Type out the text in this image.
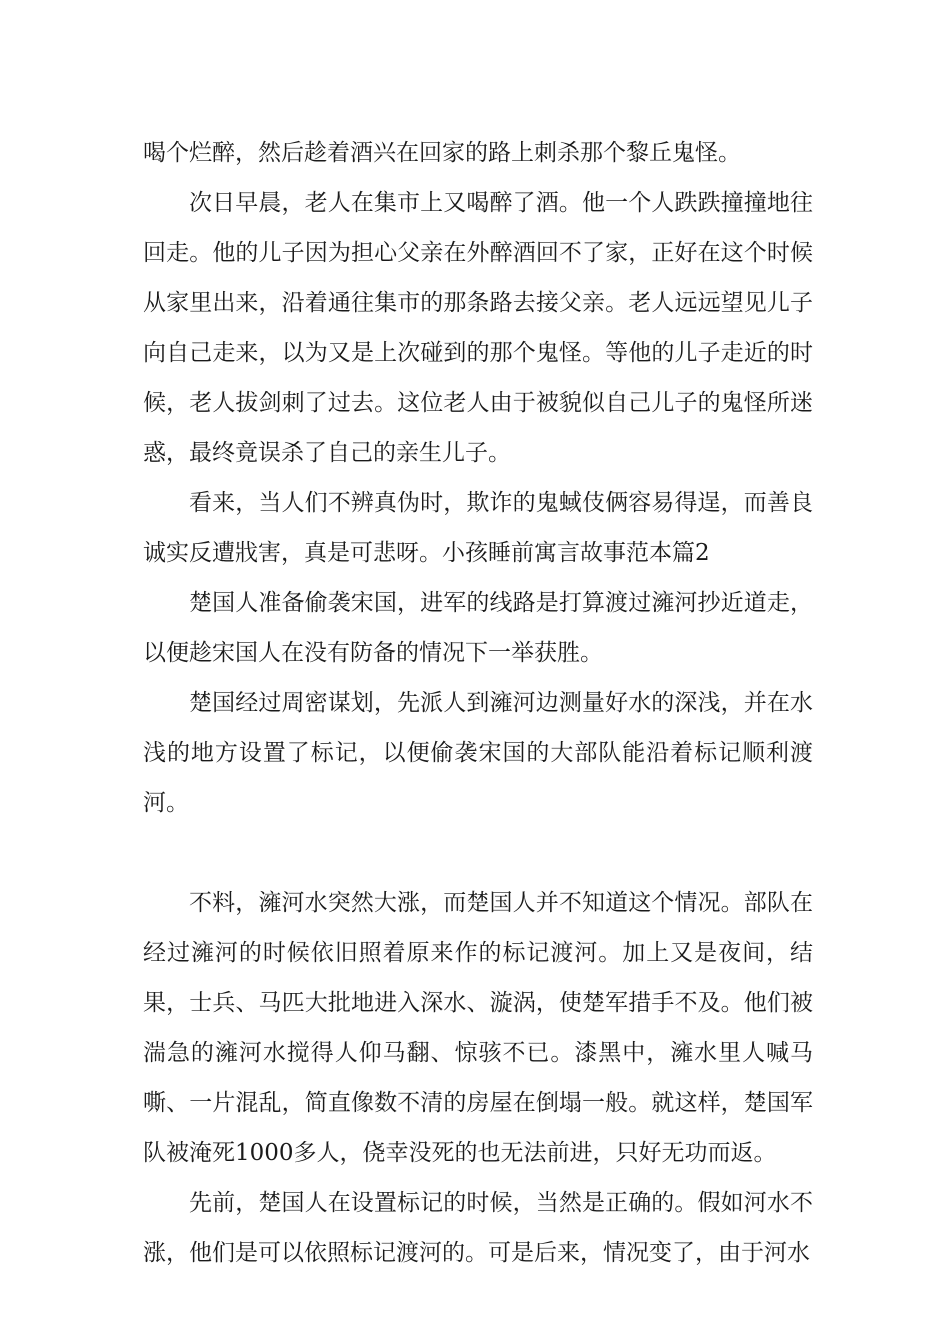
喝个烂醉，然后趁着酒兴在回家的路上刺杀那个黎丘鬼怪。

次日早晨，老人在集市上又喝醉了酒。他一个人跌跌撞撞地往回走。他的儿子因为担心父亲在外醉酒回不了家，正好在这个时候从家里出来，沿着通往集市的那条路去接父亲。老人远远望见儿子向自己走来，以为又是上次碰到的那个鬼怪。等他的儿子走近的时候，老人拔剑刺了过去。这位老人由于被貌似自己儿子的鬼怪所迷惑，最终竟误杀了自己的亲生儿子。

看来，当人们不辨真伪时，欺诈的鬼蜮伎俩容易得逞，而善良诚实反遭戕害，真是可悲呀。小孩睡前寓言故事范本篇2

楚国人准备偷袭宋国，进军的线路是打算渡过澭河抄近道走，以便趁宋国人在没有防备的情况下一举获胜。

楚国经过周密谋划，先派人到澭河边测量好水的深浅，并在水浅的地方设置了标记，以便偷袭宋国的大部队能沿着标记顺利渡河。

不料，澭河水突然大涨，而楚国人并不知道这个情况。部队在经过澭河的时候依旧照着原来作的标记渡河。加上又是夜间，结果，士兵、马匹大批地进入深水、漩涡，使楚军措手不及。他们被湍急的澭河水搅得人仰马翻、惊骇不已。漆黑中，澭水里人喊马嘶、一片混乱，简直像数不清的房屋在倒塌一般。就这样，楚国军队被淹死1000多人，侥幸没死的也无法前进，只好无功而返。

先前，楚国人在设置标记的时候，当然是正确的。假如河水不涨，他们是可以依照标记渡河的。可是后来，情况变了，由于河水
